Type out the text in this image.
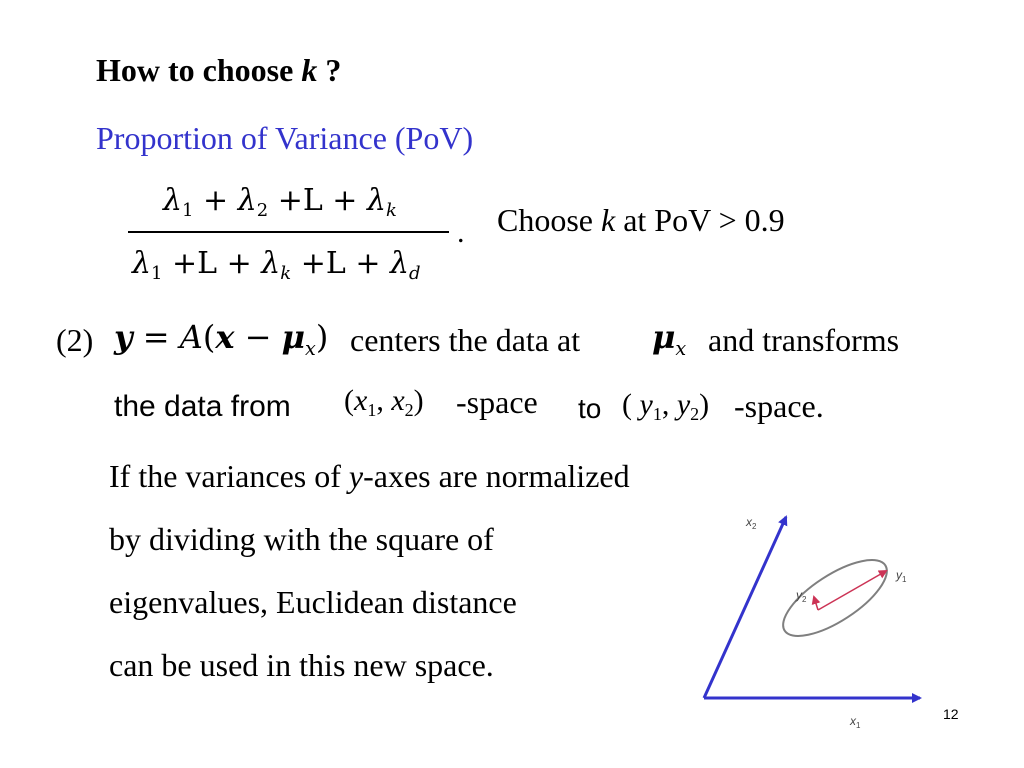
How to choose k ?
Proportion of Variance (PoV)
$\lambda_1 + \lambda_2 +L + \lambda_k$
$\lambda_1 +L + \lambda_k +L + \lambda_d$
. Choose k at PoV > 0.9
(2) $y = A(x - \mu_x)$ centers the data at $\mu_x$ and transforms
the data from ($x_1$, $x_2$) -space to ( $y_1$, $y_2$) -space.
If the variances of y-axes are normalized
by dividing with the square of
eigenvalues, Euclidean distance
can be used in this new space.
$x_2$
$x_1$
$y_1$
$y_2$
12
